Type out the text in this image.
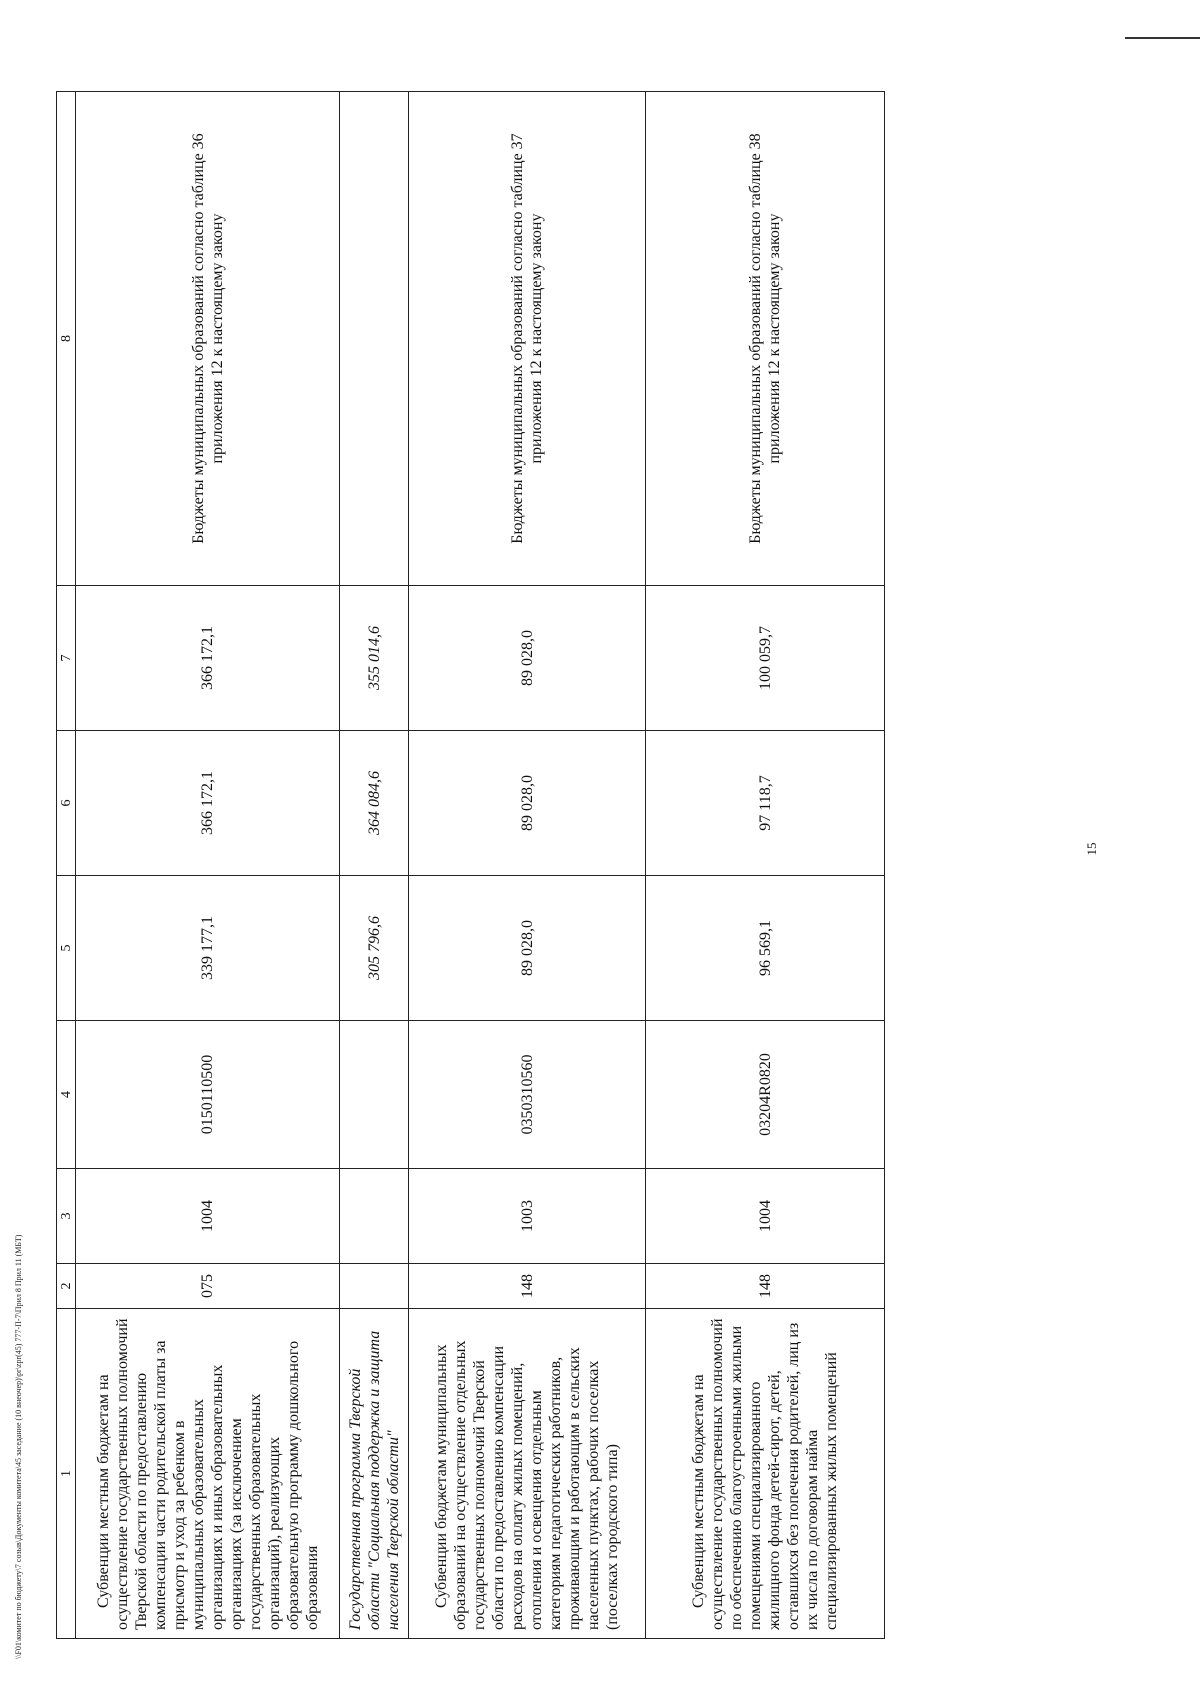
15
1	2	3	4	5	6	7	8

Субвенции местным бюджетам на осуществление государственных полномочий Тверской области по предоставлению компенсации части родительской платы за присмотр и уход за ребенком в муниципальных образовательных организациях и иных образовательных организациях (за исключением государственных образовательных организаций), реализующих образовательную программу дошкольного образования	075	1004	0150110500	339 177,1	366 172,1	366 172,1	Бюджеты муниципальных образований согласно таблице 36 приложения 12 к настоящему закону
Государственная программа Тверской области "Социальная поддержка и защита населения Тверской области"				305 796,6	364 084,6	355 014,6	

Субвенции бюджетам муниципальных образований на осуществление отдельных государственных полномочий Тверской области по предоставлению компенсации расходов на оплату жилых помещений, отопления и освещения отдельным категориям педагогических работников, проживающим и работающим в сельских населенных пунктах, рабочих поселках (поселках городского типа)	148	1003	0350310560	89 028,0	89 028,0	89 028,0	Бюджеты муниципальных образований согласно таблице 37 приложения 12 к настоящему закону

Субвенции местным бюджетам на осуществление государственных полномочий по обеспечению благоустроенными жилыми помещениями специализированного жилищного фонда детей-сирот, детей, оставшихся без попечения родителей, лиц из их числа по договорам найма специализированных жилых помещений	148	1004	03204R0820	96 569,1	97 118,7	100 059,7	Бюджеты муниципальных образований согласно таблице 38 приложения 12 к настоящему закону
\\F01\комитет по бюджету\7 созыв\Документы комитета\45 заседание (10 внеочер)\pr\zpr(45) 777-П-7\Прил 8 Прил 11 (МБТ)
